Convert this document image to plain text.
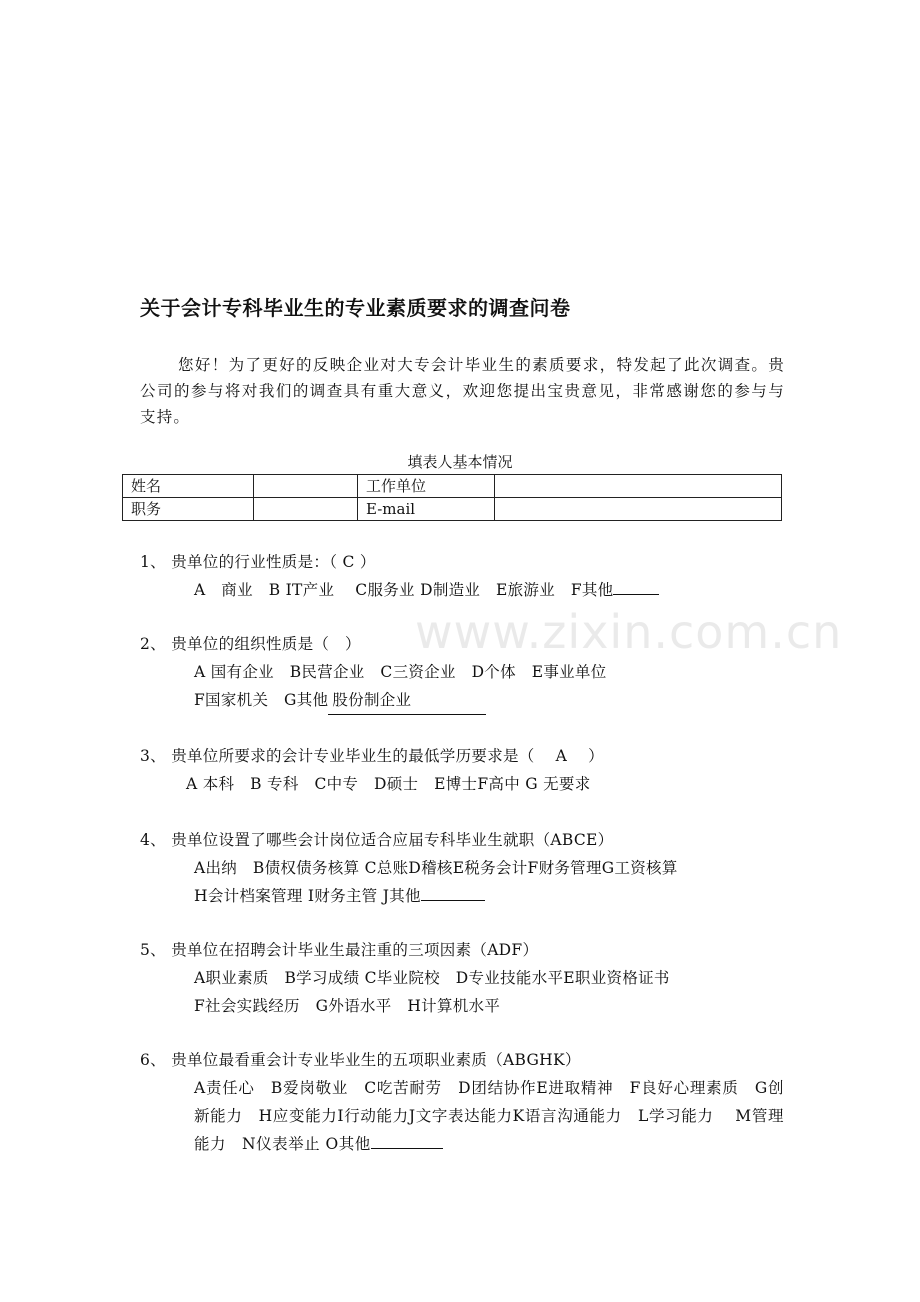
关于会计专科毕业生的专业素质要求的调查问卷
您好！为了更好的反映企业对大专会计毕业生的素质要求，特发起了此次调查。贵公司的参与将对我们的调查具有重大意义，欢迎您提出宝贵意见，非常感谢您的参与与支持。
填表人基本情况
姓名		工作单位	
职务		E-mail	
1、 贵单位的行业性质是：（ C ）
A　商业　B IT产业　 C服务业 D制造业　E旅游业　F其他
2、 贵单位的组织性质是（　）
A 国有企业　B民营企业　C三资企业　D个体　E事业单位
F国家机关　G其他 股份制企业
3、 贵单位所要求的会计专业毕业生的最低学历要求是（　 A　 ）
A 本科　B 专科　C中专　D硕士　E博士F高中 G 无要求
4、 贵单位设置了哪些会计岗位适合应届专科毕业生就职（ABCE）
A出纳　B债权债务核算 C总账D稽核E税务会计F财务管理G工资核算
H会计档案管理 I财务主管 J其他
5、 贵单位在招聘会计毕业生最注重的三项因素（ADF）
A职业素质　B学习成绩 C毕业院校　D专业技能水平E职业资格证书
F社会实践经历　G外语水平　H计算机水平
6、 贵单位最看重会计专业毕业生的五项职业素质（ABGHK）
A责任心　B爱岗敬业　C吃苦耐劳　D团结协作E进取精神　F良好心理素质　G创新能力　H应变能力I行动能力J文字表达能力K语言沟通能力　L学习能力　 M管理能力　N仪表举止 O其他
www.zixin.com.cn
